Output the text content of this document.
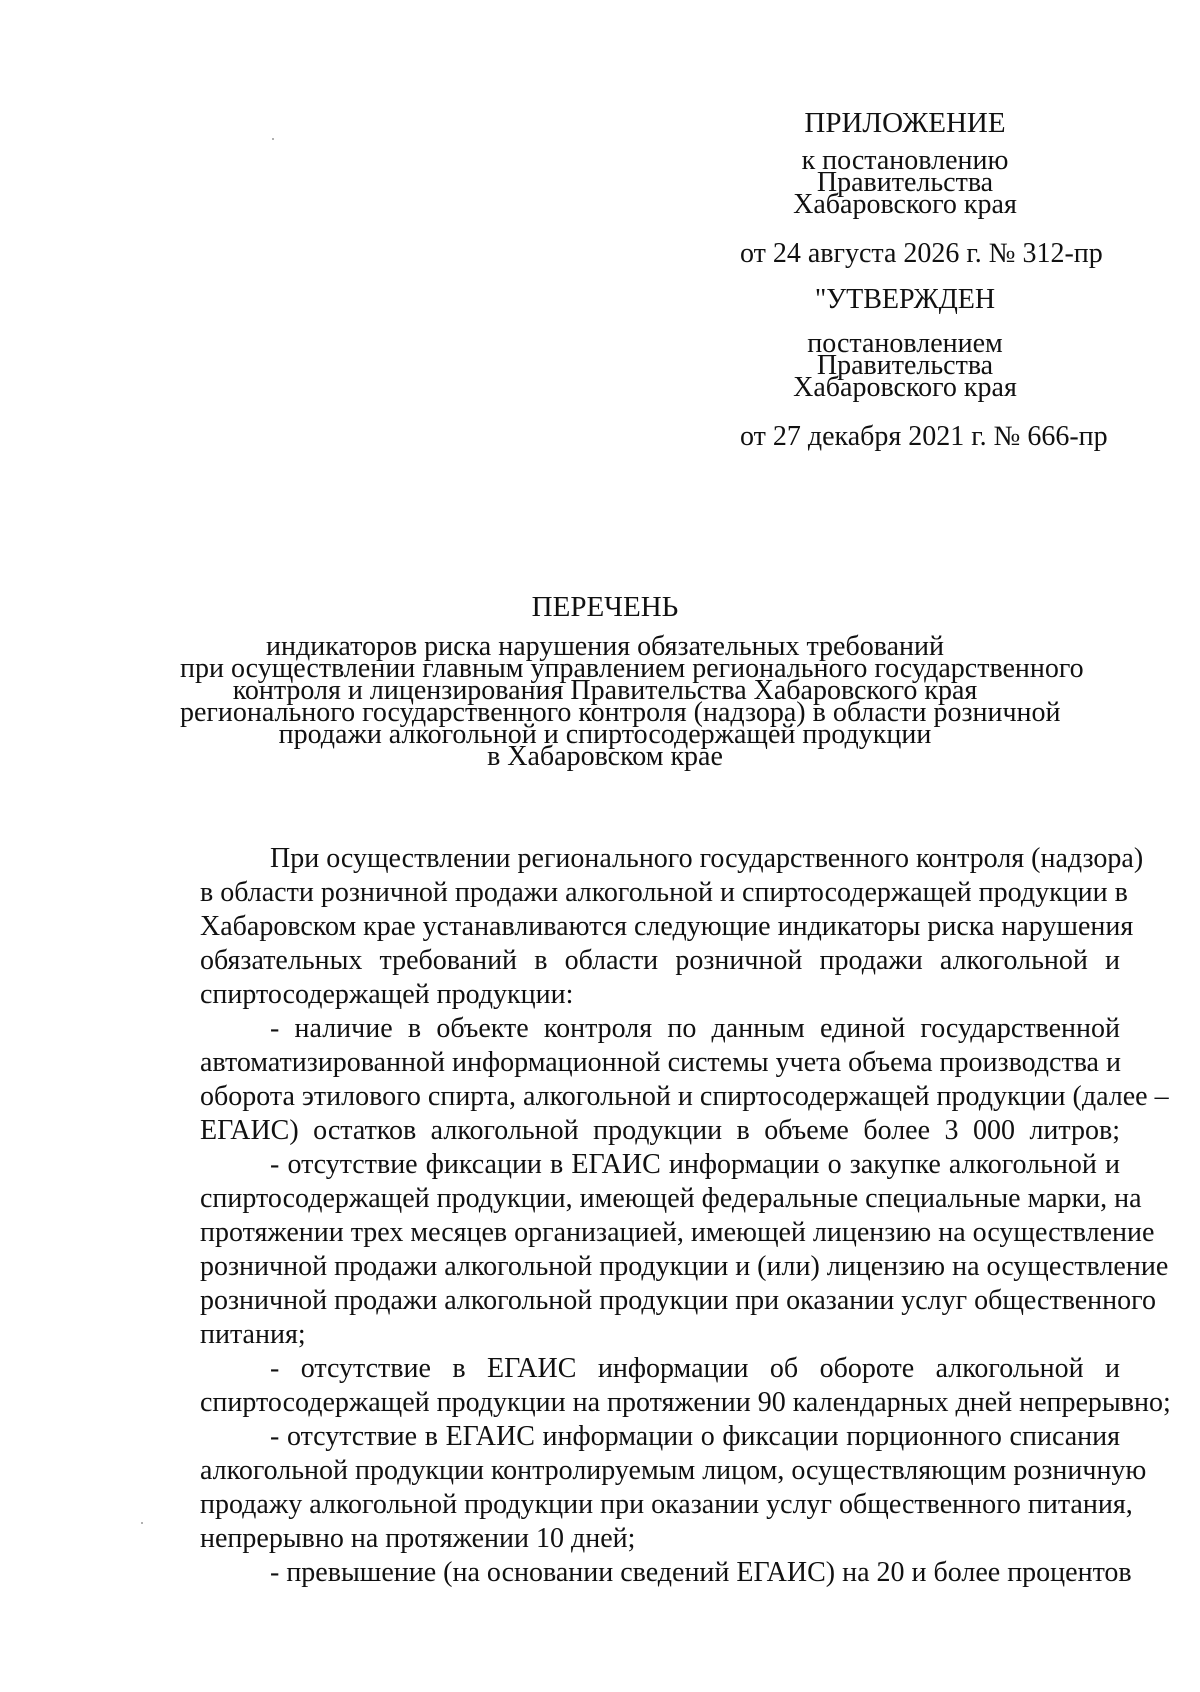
ПРИЛОЖЕНИЕ
к постановлению
Правительства
Хабаровского края
от 24 августа 2026 г. № 312-пр
"УТВЕРЖДЕН
постановлением
Правительства
Хабаровского края
от 27 декабря 2021 г. № 666-пр
ПЕРЕЧЕНЬ
индикаторов риска нарушения обязательных требований
при осуществлении главным управлением регионального государственного
контроля и лицензирования Правительства Хабаровского края
регионального государственного контроля (надзора) в области розничной
продажи алкогольной и спиртосодержащей продукции
в Хабаровском крае
При осуществлении регионального государственного контроля (надзора)
в области розничной продажи алкогольной и спиртосодержащей продукции в
Хабаровском крае устанавливаются следующие индикаторы риска нарушения
обязательных требований в области розничной продажи алкогольной и
спиртосодержащей продукции:
- наличие в объекте контроля по данным единой государственной
автоматизированной информационной системы учета объема производства и
оборота этилового спирта, алкогольной и спиртосодержащей продукции (далее –
ЕГАИС) остатков алкогольной продукции в объеме более 3 000 литров;
- отсутствие фиксации в ЕГАИС информации о закупке алкогольной и
спиртосодержащей продукции, имеющей федеральные специальные марки, на
протяжении трех месяцев организацией, имеющей лицензию на осуществление
розничной продажи алкогольной продукции и (или) лицензию на осуществление
розничной продажи алкогольной продукции при оказании услуг общественного
питания;
- отсутствие в ЕГАИС информации об обороте алкогольной и
спиртосодержащей продукции на протяжении 90 календарных дней непрерывно;
- отсутствие в ЕГАИС информации о фиксации порционного списания
алкогольной продукции контролируемым лицом, осуществляющим розничную
продажу алкогольной продукции при оказании услуг общественного питания,
непрерывно на протяжении 10 дней;
- превышение (на основании сведений ЕГАИС) на 20 и более процентов
